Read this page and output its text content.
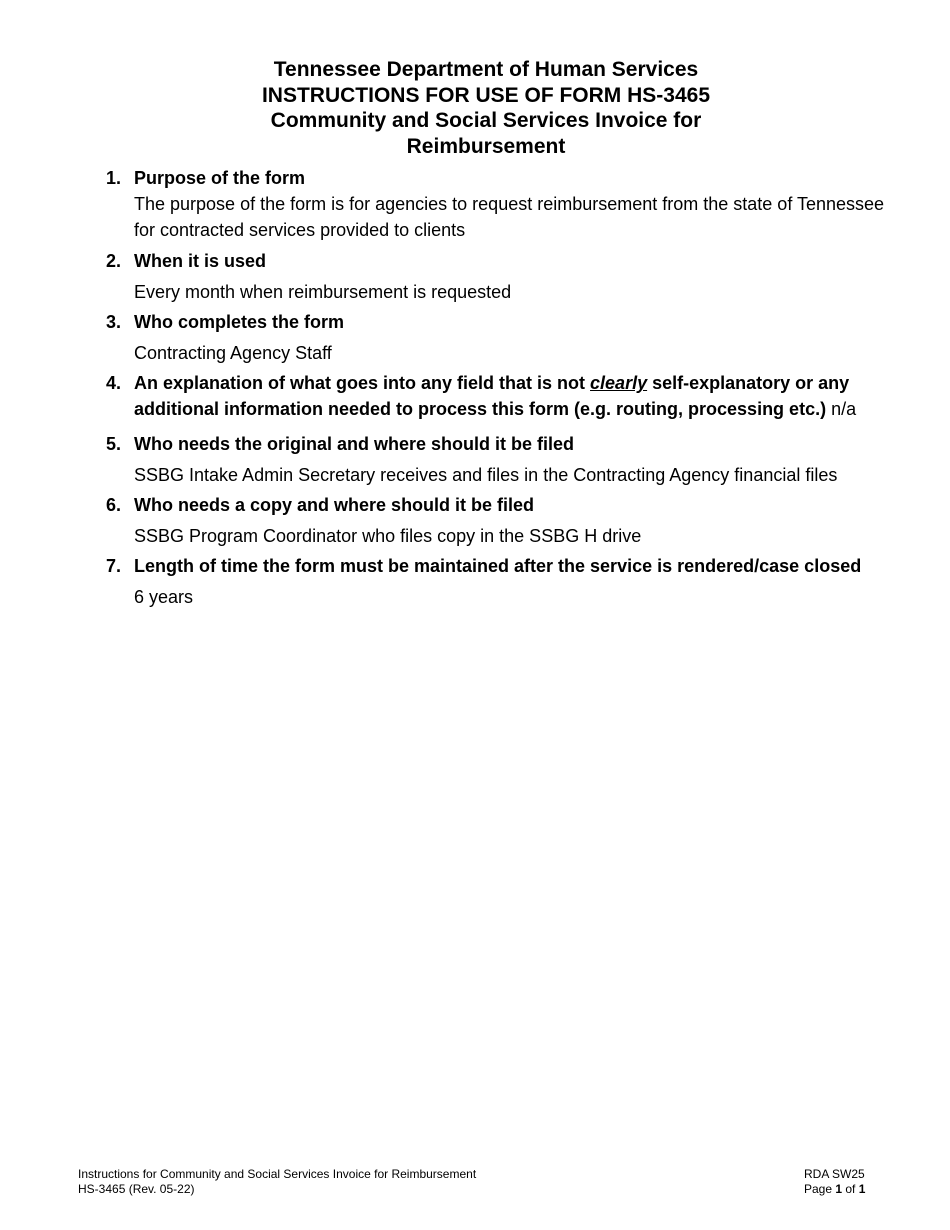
Tennessee Department of Human Services
INSTRUCTIONS FOR USE OF FORM HS-3465
Community and Social Services Invoice for
Reimbursement
1. Purpose of the form
The purpose of the form is for agencies to request reimbursement from the state of Tennessee
for contracted services provided to clients
2. When it is used
Every month when reimbursement is requested
3. Who completes the form
Contracting Agency Staff
4. An explanation of what goes into any field that is not clearly self-explanatory or any
additional information needed to process this form (e.g. routing, processing etc.) n/a
5. Who needs the original and where should it be filed
SSBG Intake Admin Secretary receives and files in the Contracting Agency financial files
6. Who needs a copy and where should it be filed
SSBG Program Coordinator who files copy in the SSBG H drive
7. Length of time the form must be maintained after the service is rendered/case closed
6 years
Instructions for Community and Social Services Invoice for Reimbursement
HS-3465 (Rev. 05-22)
RDA SW25
Page 1 of 1
